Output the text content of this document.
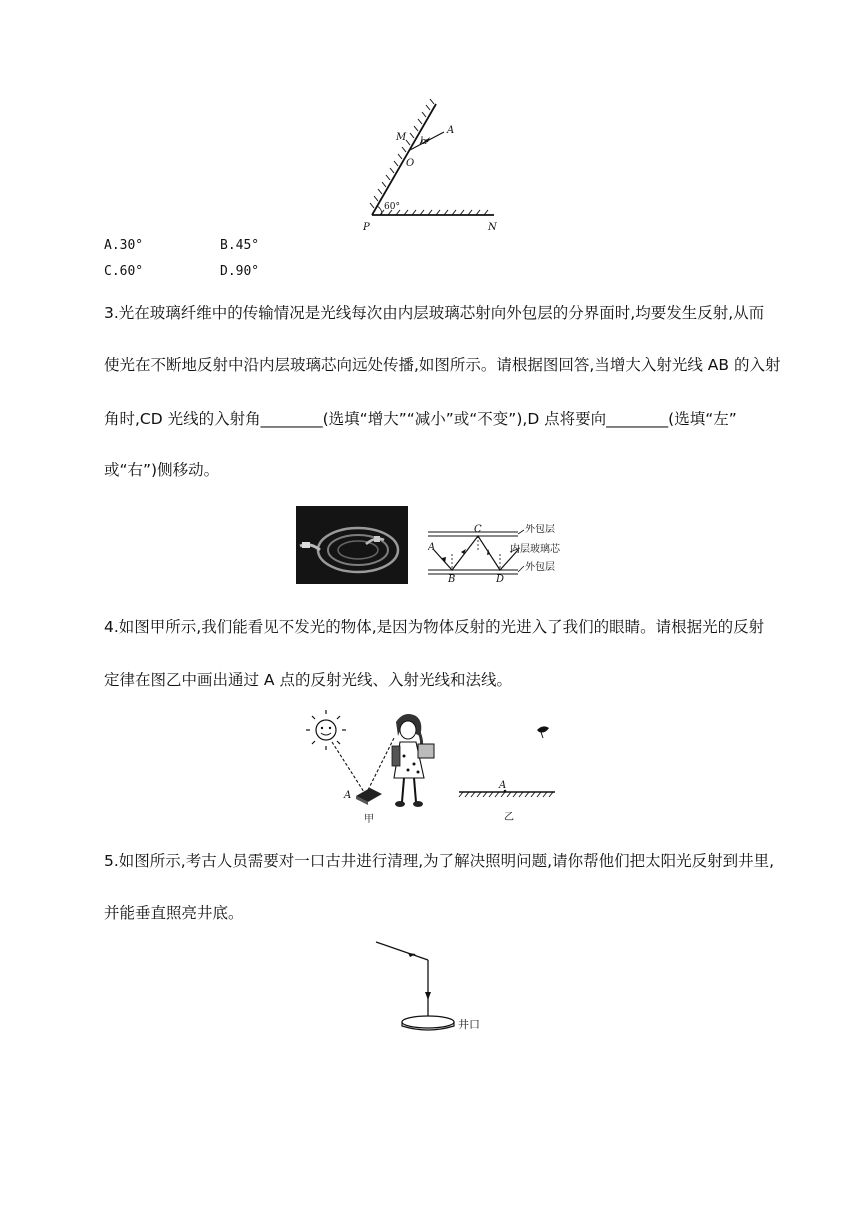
M
O
A
α
60°
P	N
A.30°	B.45°
C.60°	D.90°
3.光在玻璃纤维中的传输情况是光线每次由内层玻璃芯射向外包层的分界面时,均要发生反射,从而
使光在不断地反射中沿内层玻璃芯向远处传播,如图所示。请根据图回答,当增大入射光线 AB 的入射
角时,CD 光线的入射角________(选填“增大”“减小”或“不变”),D 点将要向________(选填“左”
或“右”)侧移动。
C
A
B	D
外包层
内层玻璃芯
外包层
4.如图甲所示,我们能看见不发光的物体,是因为物体反射的光进入了我们的眼睛。请根据光的反射
定律在图乙中画出通过 A 点的反射光线、入射光线和法线。
A
甲
A
乙
5.如图所示,考古人员需要对一口古井进行清理,为了解决照明问题,请你帮他们把太阳光反射到井里,
并能垂直照亮井底。
井口
